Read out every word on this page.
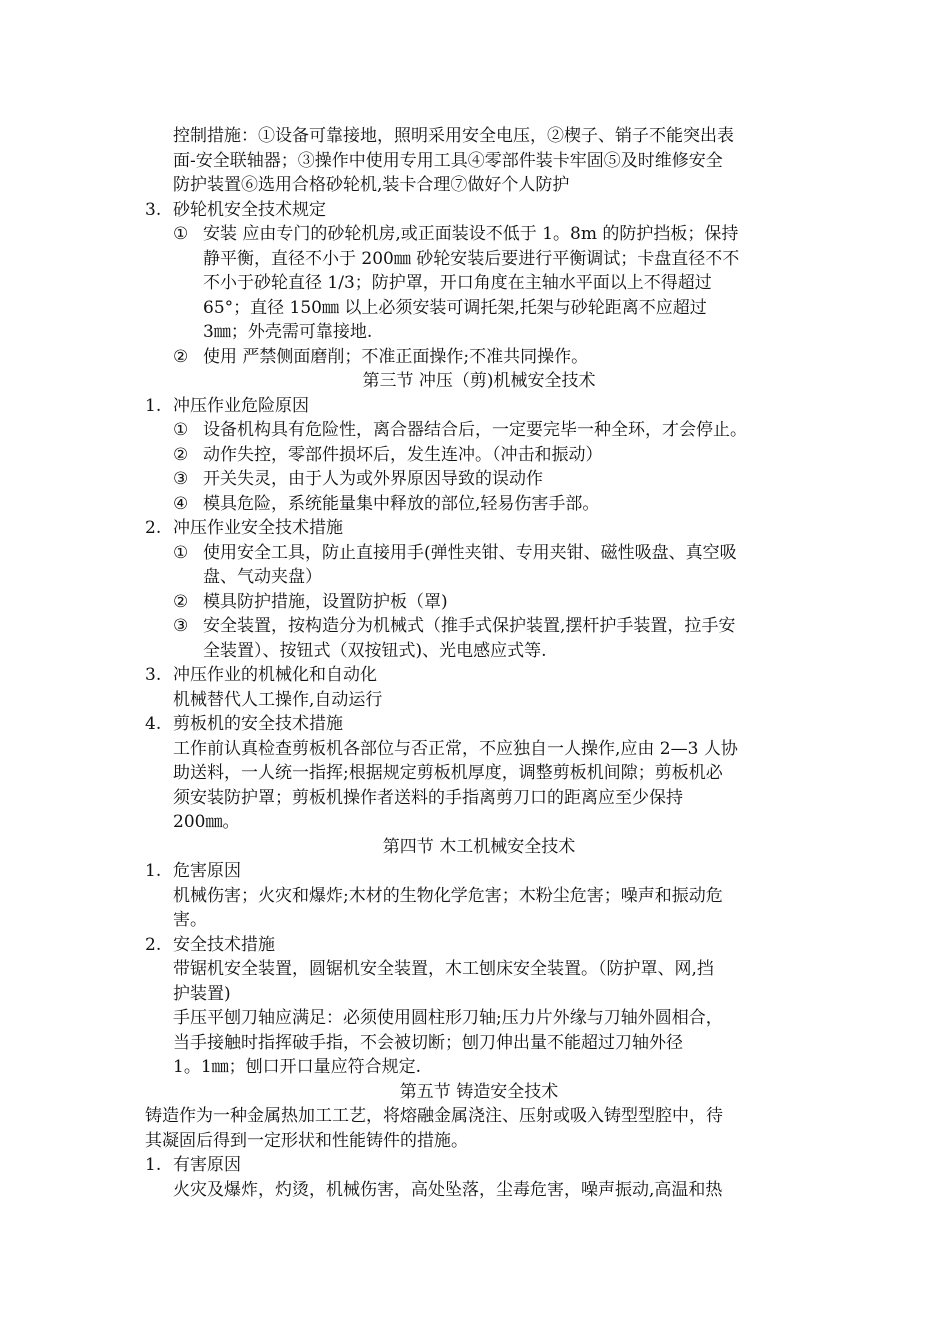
控制措施：①设备可靠接地，照明采用安全电压，②楔子、销子不能突出表
面-安全联轴器；③操作中使用专用工具④零部件装卡牢固⑤及时维修安全
防护装置⑥选用合格砂轮机,装卡合理⑦做好个人防护
3. 砂轮机安全技术规定
① 安装 应由专门的砂轮机房,或正面装设不低于 1。8m 的防护挡板；保持
静平衡，直径不小于 200㎜ 砂轮安装后要进行平衡调试；卡盘直径不不
不小于砂轮直径 1/3；防护罩，开口角度在主轴水平面以上不得超过
65°；直径 150㎜ 以上必须安装可调托架,托架与砂轮距离不应超过
3㎜；外壳需可靠接地.
② 使用 严禁侧面磨削；不准正面操作;不准共同操作。
第三节 冲压（剪)机械安全技术
1. 冲压作业危险原因
① 设备机构具有危险性，离合器结合后，一定要完毕一种全环，才会停止。
② 动作失控，零部件损坏后，发生连冲。（冲击和振动）
③ 开关失灵，由于人为或外界原因导致的误动作
④ 模具危险，系统能量集中释放的部位,轻易伤害手部。
2. 冲压作业安全技术措施
① 使用安全工具，防止直接用手(弹性夹钳、专用夹钳、磁性吸盘、真空吸
盘、气动夹盘）
② 模具防护措施，设置防护板（罩)
③ 安全装置，按构造分为机械式（推手式保护装置,摆杆护手装置，拉手安
全装置）、按钮式（双按钮式)、光电感应式等.
3. 冲压作业的机械化和自动化
机械替代人工操作,自动运行
4. 剪板机的安全技术措施
工作前认真检查剪板机各部位与否正常，不应独自一人操作,应由 2—3 人协
助送料，一人统一指挥;根据规定剪板机厚度，调整剪板机间隙；剪板机必
须安装防护罩；剪板机操作者送料的手指离剪刀口的距离应至少保持
200㎜。
第四节 木工机械安全技术
1. 危害原因
机械伤害；火灾和爆炸;木材的生物化学危害；木粉尘危害；噪声和振动危
害。
2. 安全技术措施
带锯机安全装置，圆锯机安全装置，木工刨床安全装置。（防护罩、网,挡
护装置)
手压平刨刀轴应满足：必须使用圆柱形刀轴;压力片外缘与刀轴外圆相合，
当手接触时指挥破手指，不会被切断；刨刀伸出量不能超过刀轴外径
1。1㎜；刨口开口量应符合规定.
第五节 铸造安全技术
铸造作为一种金属热加工工艺，将熔融金属浇注、压射或吸入铸型型腔中，待
其凝固后得到一定形状和性能铸件的措施。
1. 有害原因
火灾及爆炸，灼烫，机械伤害，高处坠落，尘毒危害，噪声振动,高温和热
